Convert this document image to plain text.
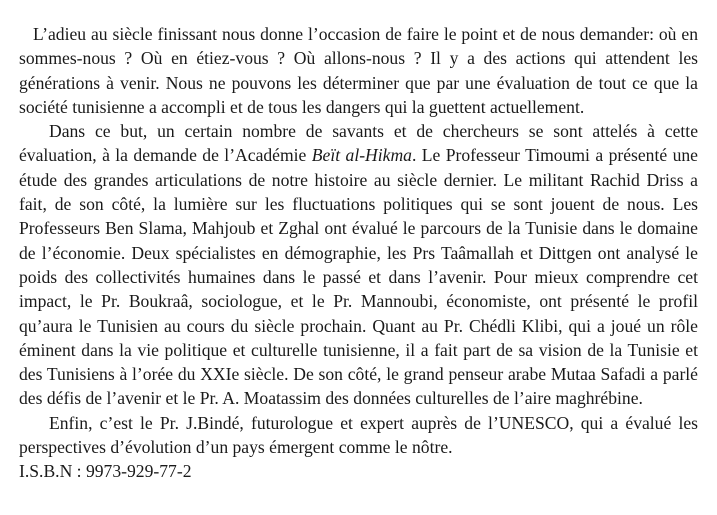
L’adieu au siècle finissant nous donne l’occasion de faire le point et de nous demander: où en sommes-nous ? Où en étiez-vous ? Où allons-nous ? Il y a des actions qui attendent les générations à venir. Nous ne pouvons les déterminer que par une évaluation de tout ce que la société tunisienne a accompli et de tous les dangers qui la guettent actuellement.

Dans ce but, un certain nombre de savants et de chercheurs se sont attelés à cette évaluation, à la demande de l’Académie Beït al-Hikma. Le Professeur Timoumi a présenté une étude des grandes articulations de notre histoire au siècle dernier. Le militant Rachid Driss a fait, de son côté, la lumière sur les fluctuations politiques qui se sont jouent de nous. Les Professeurs Ben Slama, Mahjoub et Zghal ont évalué le parcours de la Tunisie dans le domaine de l’économie. Deux spécialistes en démographie, les Prs Taâmallah et Dittgen ont analysé le poids des collectivités humaines dans le passé et dans l’avenir. Pour mieux comprendre cet impact, le Pr. Boukraâ, sociologue, et le Pr. Mannoubi, économiste, ont présenté le profil qu’aura le Tunisien au cours du siècle prochain. Quant au Pr. Chédli Klibi, qui a joué un rôle éminent dans la vie politique et culturelle tunisienne, il a fait part de sa vision de la Tunisie et des Tunisiens à l’orée du XXIe siècle. De son côté, le grand penseur arabe Mutaa Safadi a parlé des défis de l’avenir et le Pr. A. Moatassim des données culturelles de l’aire maghrébine.

Enfin, c’est le Pr. J.Bindé, futurologue et expert auprès de l’UNESCO, qui a évalué les perspectives d’évolution d’un pays émergent comme le nôtre.

I.S.B.N : 9973-929-77-2
